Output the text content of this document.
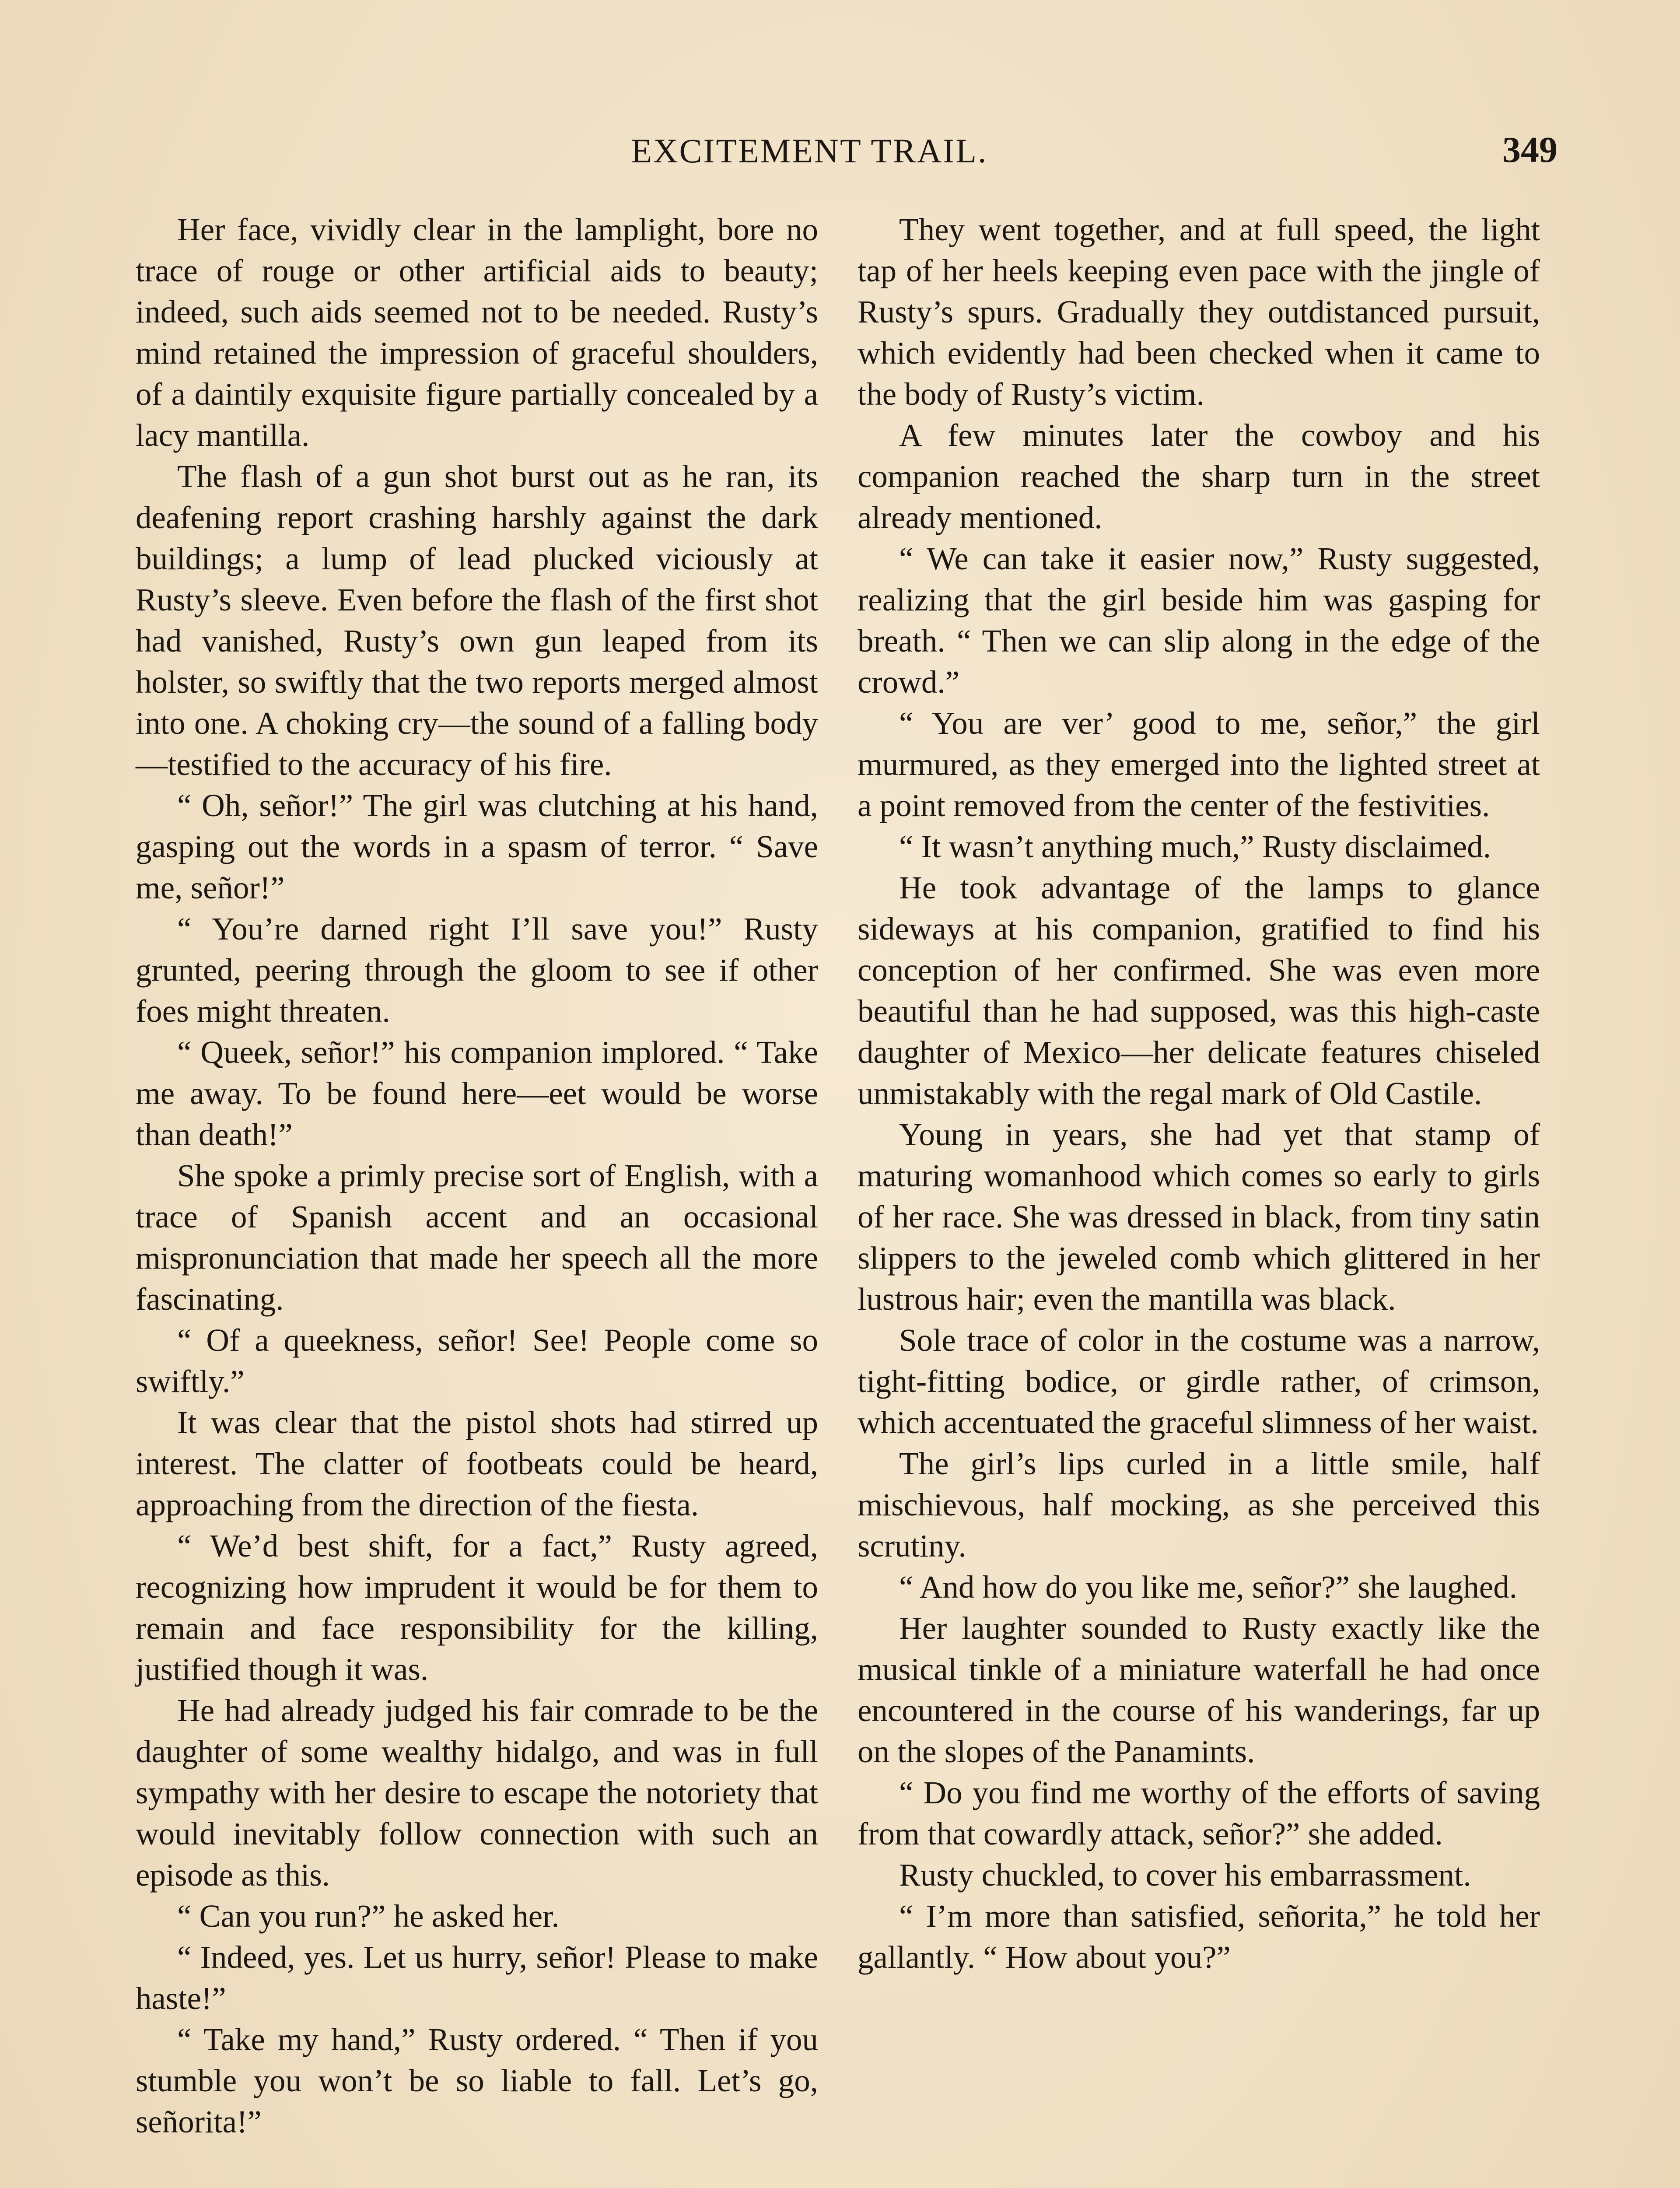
EXCITEMENT TRAIL.	349

Her face, vividly clear in the lamplight, bore no trace of rouge or other artificial aids to beauty; indeed, such aids seemed not to be needed. Rusty’s mind retained the impression of graceful shoulders, of a daintily exquisite figure partially concealed by a lacy mantilla.

The flash of a gun shot burst out as he ran, its deafening report crashing harshly against the dark buildings; a lump of lead plucked viciously at Rusty’s sleeve. Even before the flash of the first shot had vanished, Rusty’s own gun leaped from its holster, so swiftly that the two reports merged almost into one. A choking cry—the sound of a falling body—testified to the accuracy of his fire.

“ Oh, señor!” The girl was clutching at his hand, gasping out the words in a spasm of terror. “ Save me, señor!”

“ You’re darned right I’ll save you!” Rusty grunted, peering through the gloom to see if other foes might threaten.

“ Queek, señor!” his companion implored. “ Take me away. To be found here—eet would be worse than death!”

She spoke a primly precise sort of English, with a trace of Spanish accent and an occasional mispronunciation that made her speech all the more fascinating.

“ Of a queekness, señor! See! People come so swiftly.”

It was clear that the pistol shots had stirred up interest. The clatter of footbeats could be heard, approaching from the direction of the fiesta.

“ We’d best shift, for a fact,” Rusty agreed, recognizing how imprudent it would be for them to remain and face responsibility for the killing, justified though it was.

He had already judged his fair comrade to be the daughter of some wealthy hidalgo, and was in full sympathy with her desire to escape the notoriety that would inevitably follow connection with such an episode as this.

“ Can you run?” he asked her.

“ Indeed, yes. Let us hurry, señor! Please to make haste!”

“ Take my hand,” Rusty ordered. “ Then if you stumble you won’t be so liable to fall. Let’s go, señorita!”

They went together, and at full speed, the light tap of her heels keeping even pace with the jingle of Rusty’s spurs. Gradually they outdistanced pursuit, which evidently had been checked when it came to the body of Rusty’s victim.

A few minutes later the cowboy and his companion reached the sharp turn in the street already mentioned.

“ We can take it easier now,” Rusty suggested, realizing that the girl beside him was gasping for breath. “ Then we can slip along in the edge of the crowd.”

“ You are ver’ good to me, señor,” the girl murmured, as they emerged into the lighted street at a point removed from the center of the festivities.

“ It wasn’t anything much,” Rusty disclaimed.

He took advantage of the lamps to glance sideways at his companion, gratified to find his conception of her confirmed. She was even more beautiful than he had supposed, was this high-caste daughter of Mexico—her delicate features chiseled unmistakably with the regal mark of Old Castile.

Young in years, she had yet that stamp of maturing womanhood which comes so early to girls of her race. She was dressed in black, from tiny satin slippers to the jeweled comb which glittered in her lustrous hair; even the mantilla was black.

Sole trace of color in the costume was a narrow, tight-fitting bodice, or girdle rather, of crimson, which accentuated the graceful slimness of her waist.

The girl’s lips curled in a little smile, half mischievous, half mocking, as she perceived this scrutiny.

“ And how do you like me, señor?” she laughed.

Her laughter sounded to Rusty exactly like the musical tinkle of a miniature waterfall he had once encountered in the course of his wanderings, far up on the slopes of the Panamints.

“ Do you find me worthy of the efforts of saving from that cowardly attack, señor?” she added.

Rusty chuckled, to cover his embarrassment.

“ I’m more than satisfied, señorita,” he told her gallantly. “ How about you?”
